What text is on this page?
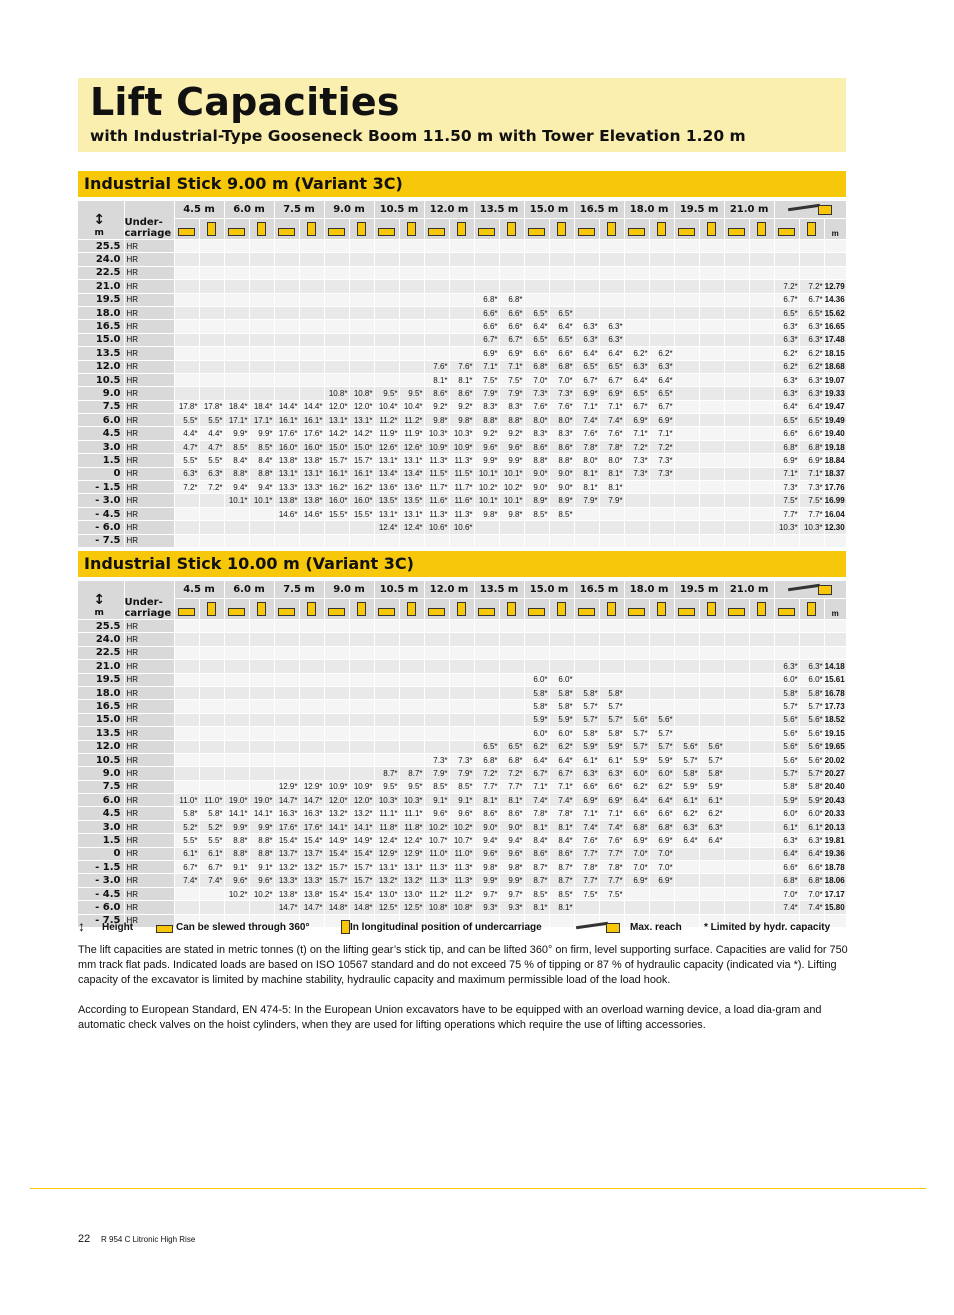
Lift Capacities
with Industrial-Type Gooseneck Boom 11.50 m with Tower Elevation 1.20 m
Industrial Stick 9.00 m (Variant 3C)
↕
m	Under-
carriage	4.5 m		6.0 m		7.5 m		9.0 m		10.5 m		12.0 m		13.5 m		15.0 m		16.5 m		18.0 m		19.5 m		21.0 m				

																												m
25.5	HR																											
24.0	HR																											
22.5	HR																											
21.0	HR																									7.2*	7.2*	12.79
19.5	HR													6.8*	6.8*											6.7*	6.7*	14.36
18.0	HR													6.6*	6.6*	6.5*	6.5*									6.5*	6.5*	15.62
16.5	HR													6.6*	6.6*	6.4*	6.4*	6.3*	6.3*							6.3*	6.3*	16.65
15.0	HR													6.7*	6.7*	6.5*	6.5*	6.3*	6.3*							6.3*	6.3*	17.48
13.5	HR													6.9*	6.9*	6.6*	6.6*	6.4*	6.4*	6.2*	6.2*					6.2*	6.2*	18.15
12.0	HR											7.6*	7.6*	7.1*	7.1*	6.8*	6.8*	6.5*	6.5*	6.3*	6.3*					6.2*	6.2*	18.68
10.5	HR											8.1*	8.1*	7.5*	7.5*	7.0*	7.0*	6.7*	6.7*	6.4*	6.4*					6.3*	6.3*	19.07
9.0	HR							10.8*	10.8*	9.5*	9.5*	8.6*	8.6*	7.9*	7.9*	7.3*	7.3*	6.9*	6.9*	6.5*	6.5*					6.3*	6.3*	19.33
7.5	HR	17.8*	17.8*	18.4*	18.4*	14.4*	14.4*	12.0*	12.0*	10.4*	10.4*	9.2*	9.2*	8.3*	8.3*	7.6*	7.6*	7.1*	7.1*	6.7*	6.7*					6.4*	6.4*	19.47
6.0	HR	5.5*	5.5*	17.1*	17.1*	16.1*	16.1*	13.1*	13.1*	11.2*	11.2*	9.8*	9.8*	8.8*	8.8*	8.0*	8.0*	7.4*	7.4*	6.9*	6.9*					6.5*	6.5*	19.49
4.5	HR	4.4*	4.4*	9.9*	9.9*	17.6*	17.6*	14.2*	14.2*	11.9*	11.9*	10.3*	10.3*	9.2*	9.2*	8.3*	8.3*	7.6*	7.6*	7.1*	7.1*					6.6*	6.6*	19.40
3.0	HR	4.7*	4.7*	8.5*	8.5*	16.0*	16.0*	15.0*	15.0*	12.6*	12.6*	10.9*	10.9*	9.6*	9.6*	8.6*	8.6*	7.8*	7.8*	7.2*	7.2*					6.8*	6.8*	19.18
1.5	HR	5.5*	5.5*	8.4*	8.4*	13.8*	13.8*	15.7*	15.7*	13.1*	13.1*	11.3*	11.3*	9.9*	9.9*	8.8*	8.8*	8.0*	8.0*	7.3*	7.3*					6.9*	6.9*	18.84
0	HR	6.3*	6.3*	8.8*	8.8*	13.1*	13.1*	16.1*	16.1*	13.4*	13.4*	11.5*	11.5*	10.1*	10.1*	9.0*	9.0*	8.1*	8.1*	7.3*	7.3*					7.1*	7.1*	18.37
- 1.5	HR	7.2*	7.2*	9.4*	9.4*	13.3*	13.3*	16.2*	16.2*	13.6*	13.6*	11.7*	11.7*	10.2*	10.2*	9.0*	9.0*	8.1*	8.1*							7.3*	7.3*	17.76
- 3.0	HR			10.1*	10.1*	13.8*	13.8*	16.0*	16.0*	13.5*	13.5*	11.6*	11.6*	10.1*	10.1*	8.9*	8.9*	7.9*	7.9*							7.5*	7.5*	16.99
- 4.5	HR					14.6*	14.6*	15.5*	15.5*	13.1*	13.1*	11.3*	11.3*	9.8*	9.8*	8.5*	8.5*									7.7*	7.7*	16.04
- 6.0	HR									12.4*	12.4*	10.6*	10.6*													10.3*	10.3*	12.30
- 7.5	HR																											
Industrial Stick 10.00 m (Variant 3C)
↕
m	Under-
carriage	4.5 m		6.0 m		7.5 m		9.0 m		10.5 m		12.0 m		13.5 m		15.0 m		16.5 m		18.0 m		19.5 m		21.0 m				

																												m
25.5	HR																											
24.0	HR																											
22.5	HR																											
21.0	HR																									6.3*	6.3*	14.18
19.5	HR															6.0*	6.0*									6.0*	6.0*	15.61
18.0	HR															5.8*	5.8*	5.8*	5.8*							5.8*	5.8*	16.78
16.5	HR															5.8*	5.8*	5.7*	5.7*							5.7*	5.7*	17.73
15.0	HR															5.9*	5.9*	5.7*	5.7*	5.6*	5.6*					5.6*	5.6*	18.52
13.5	HR															6.0*	6.0*	5.8*	5.8*	5.7*	5.7*					5.6*	5.6*	19.15
12.0	HR													6.5*	6.5*	6.2*	6.2*	5.9*	5.9*	5.7*	5.7*	5.6*	5.6*			5.6*	5.6*	19.65
10.5	HR											7.3*	7.3*	6.8*	6.8*	6.4*	6.4*	6.1*	6.1*	5.9*	5.9*	5.7*	5.7*			5.6*	5.6*	20.02
9.0	HR									8.7*	8.7*	7.9*	7.9*	7.2*	7.2*	6.7*	6.7*	6.3*	6.3*	6.0*	6.0*	5.8*	5.8*			5.7*	5.7*	20.27
7.5	HR					12.9*	12.9*	10.9*	10.9*	9.5*	9.5*	8.5*	8.5*	7.7*	7.7*	7.1*	7.1*	6.6*	6.6*	6.2*	6.2*	5.9*	5.9*			5.8*	5.8*	20.40
6.0	HR	11.0*	11.0*	19.0*	19.0*	14.7*	14.7*	12.0*	12.0*	10.3*	10.3*	9.1*	9.1*	8.1*	8.1*	7.4*	7.4*	6.9*	6.9*	6.4*	6.4*	6.1*	6.1*			5.9*	5.9*	20.43
4.5	HR	5.8*	5.8*	14.1*	14.1*	16.3*	16.3*	13.2*	13.2*	11.1*	11.1*	9.6*	9.6*	8.6*	8.6*	7.8*	7.8*	7.1*	7.1*	6.6*	6.6*	6.2*	6.2*			6.0*	6.0*	20.33
3.0	HR	5.2*	5.2*	9.9*	9.9*	17.6*	17.6*	14.1*	14.1*	11.8*	11.8*	10.2*	10.2*	9.0*	9.0*	8.1*	8.1*	7.4*	7.4*	6.8*	6.8*	6.3*	6.3*			6.1*	6.1*	20.13
1.5	HR	5.5*	5.5*	8.8*	8.8*	15.4*	15.4*	14.9*	14.9*	12.4*	12.4*	10.7*	10.7*	9.4*	9.4*	8.4*	8.4*	7.6*	7.6*	6.9*	6.9*	6.4*	6.4*			6.3*	6.3*	19.81
0	HR	6.1*	6.1*	8.8*	8.8*	13.7*	13.7*	15.4*	15.4*	12.9*	12.9*	11.0*	11.0*	9.6*	9.6*	8.6*	8.6*	7.7*	7.7*	7.0*	7.0*					6.4*	6.4*	19.36
- 1.5	HR	6.7*	6.7*	9.1*	9.1*	13.2*	13.2*	15.7*	15.7*	13.1*	13.1*	11.3*	11.3*	9.8*	9.8*	8.7*	8.7*	7.8*	7.8*	7.0*	7.0*					6.6*	6.6*	18.78
- 3.0	HR	7.4*	7.4*	9.6*	9.6*	13.3*	13.3*	15.7*	15.7*	13.2*	13.2*	11.3*	11.3*	9.9*	9.9*	8.7*	8.7*	7.7*	7.7*	6.9*	6.9*					6.8*	6.8*	18.06
- 4.5	HR			10.2*	10.2*	13.8*	13.8*	15.4*	15.4*	13.0*	13.0*	11.2*	11.2*	9.7*	9.7*	8.5*	8.5*	7.5*	7.5*							7.0*	7.0*	17.17
- 6.0	HR					14.7*	14.7*	14.8*	14.8*	12.5*	12.5*	10.8*	10.8*	9.3*	9.3*	8.1*	8.1*									7.4*	7.4*	15.80
- 7.5	HR																											
↕ Height	Can be slewed through 360°	In longitudinal position of undercarriage	Max. reach * Limited by hydr. capacity

The lift capacities are stated in metric tonnes (t) on the lifting gear’s stick tip, and can be lifted 360° on firm, level supporting surface. Capacities are valid for 750 mm track flat pads. Indicated loads are based on ISO 10567 standard and do not exceed 75 % of tipping or 87 % of hydraulic capacity (indicated via *). Lifting capacity of the excavator is limited by machine stability, hydraulic capacity and maximum permissible load of the load hook.

According to European Standard, EN 474-5: In the European Union excavators have to be equipped with an overload warning device, a load dia-gram and automatic check valves on the hoist cylinders, when they are used for lifting operations which require the use of lifting accessories.

22 R 954 C Litronic High Rise
